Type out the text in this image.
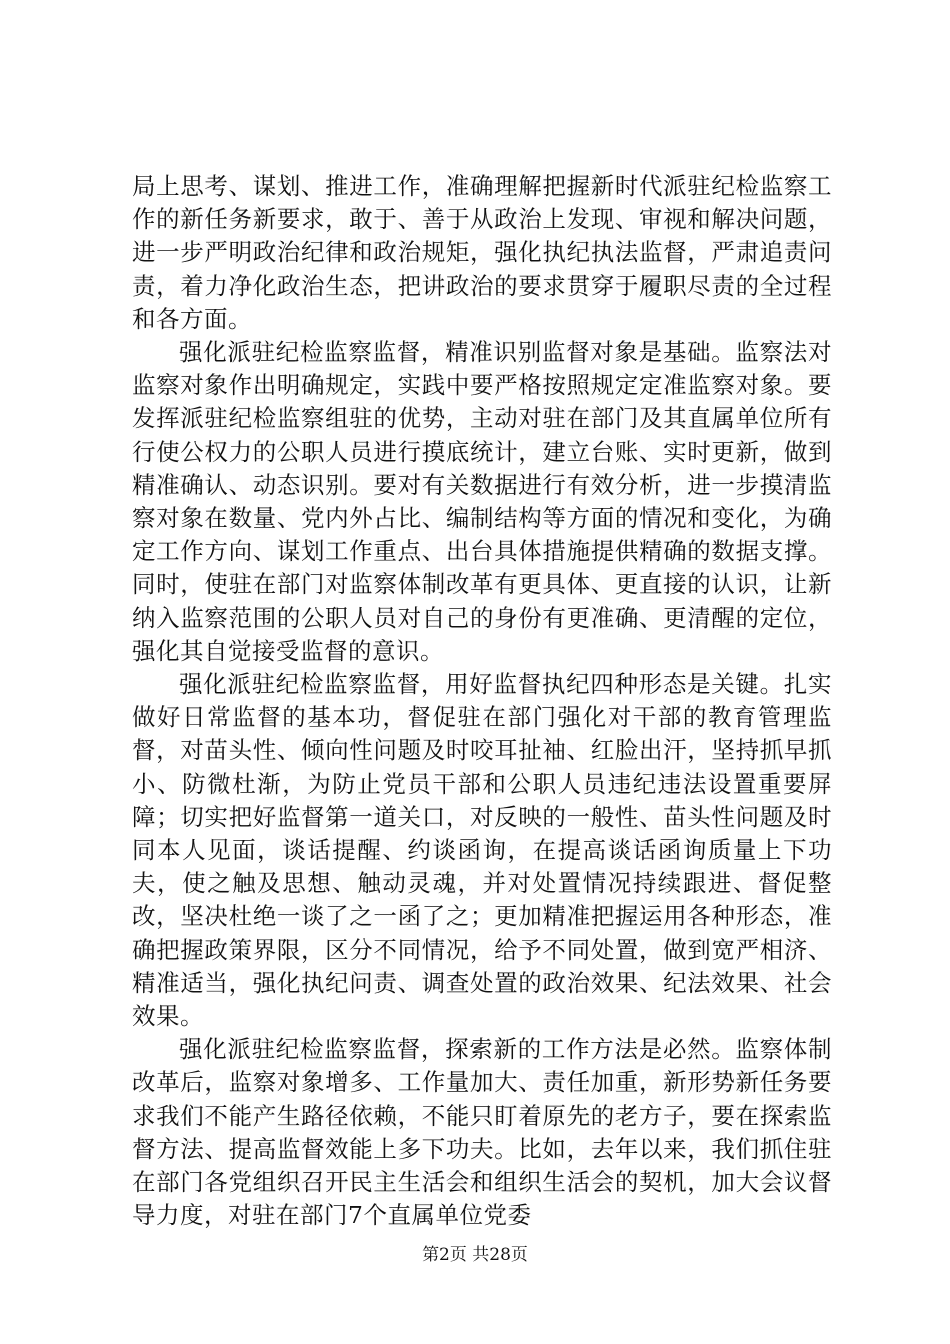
局上思考、谋划、推进工作，准确理解把握新时代派驻纪检监察工作的新任务新要求，敢于、善于从政治上发现、审视和解决问题，进一步严明政治纪律和政治规矩，强化执纪执法监督，严肃追责问责，着力净化政治生态，把讲政治的要求贯穿于履职尽责的全过程和各方面。

强化派驻纪检监察监督，精准识别监督对象是基础。监察法对监察对象作出明确规定，实践中要严格按照规定定准监察对象。要发挥派驻纪检监察组驻的优势，主动对驻在部门及其直属单位所有行使公权力的公职人员进行摸底统计，建立台账、实时更新，做到精准确认、动态识别。要对有关数据进行有效分析，进一步摸清监察对象在数量、党内外占比、编制结构等方面的情况和变化，为确定工作方向、谋划工作重点、出台具体措施提供精确的数据支撑。同时，使驻在部门对监察体制改革有更具体、更直接的认识，让新纳入监察范围的公职人员对自己的身份有更准确、更清醒的定位，强化其自觉接受监督的意识。

强化派驻纪检监察监督，用好监督执纪四种形态是关键。扎实做好日常监督的基本功，督促驻在部门强化对干部的教育管理监督，对苗头性、倾向性问题及时咬耳扯袖、红脸出汗，坚持抓早抓小、防微杜渐，为防止党员干部和公职人员违纪违法设置重要屏障；切实把好监督第一道关口，对反映的一般性、苗头性问题及时同本人见面，谈话提醒、约谈函询，在提高谈话函询质量上下功夫，使之触及思想、触动灵魂，并对处置情况持续跟进、督促整改，坚决杜绝一谈了之一函了之；更加精准把握运用各种形态，准确把握政策界限，区分不同情况，给予不同处置，做到宽严相济、精准适当，强化执纪问责、调查处置的政治效果、纪法效果、社会效果。

强化派驻纪检监察监督，探索新的工作方法是必然。监察体制改革后，监察对象增多、工作量加大、责任加重，新形势新任务要求我们不能产生路径依赖，不能只盯着原先的老方子，要在探索监督方法、提高监督效能上多下功夫。比如，去年以来，我们抓住驻在部门各党组织召开民主生活会和组织生活会的契机，加大会议督导力度，对驻在部门7个直属单位党委

第2页 共28页
